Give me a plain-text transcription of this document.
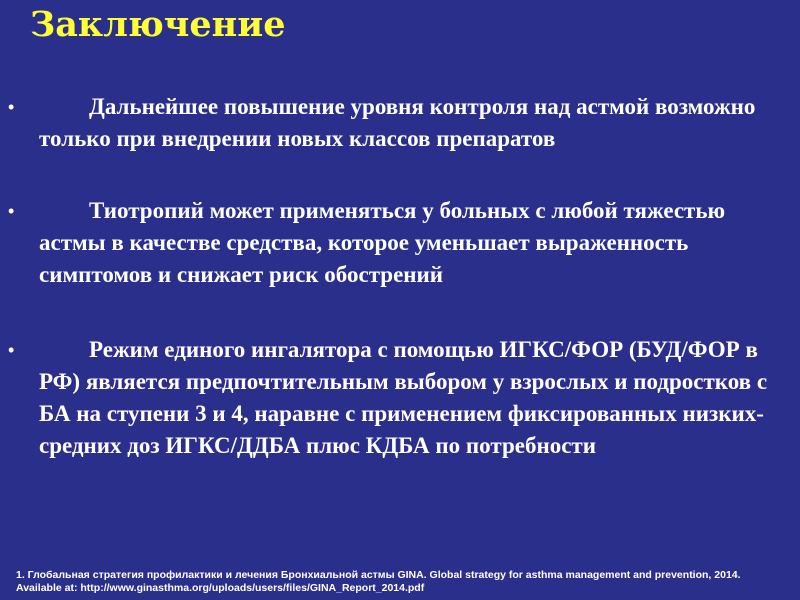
Заключение
•	Дальнейшее повышение уровня контроля над астмой возможно только при внедрении новых классов препаратов

•	Тиотропий может применяться у больных с любой тяжестью астмы в качестве средства, которое уменьшает выраженность симптомов и снижает риск обострений

•	Режим единого ингалятора с помощью ИГКС/ФОР (БУД/ФОР в РФ) является предпочтительным выбором у взрослых и подростков с БА на ступени 3 и 4, наравне с применением фиксированных низких-средних доз ИГКС/ДДБА плюс КДБА по потребности

1. Глобальная стратегия профилактики и лечения Бронхиальной астмы GINA. Global strategy for asthma management and prevention, 2014.
Available at: http://www.ginasthma.org/uploads/users/files/GINA_Report_2014.pdf
